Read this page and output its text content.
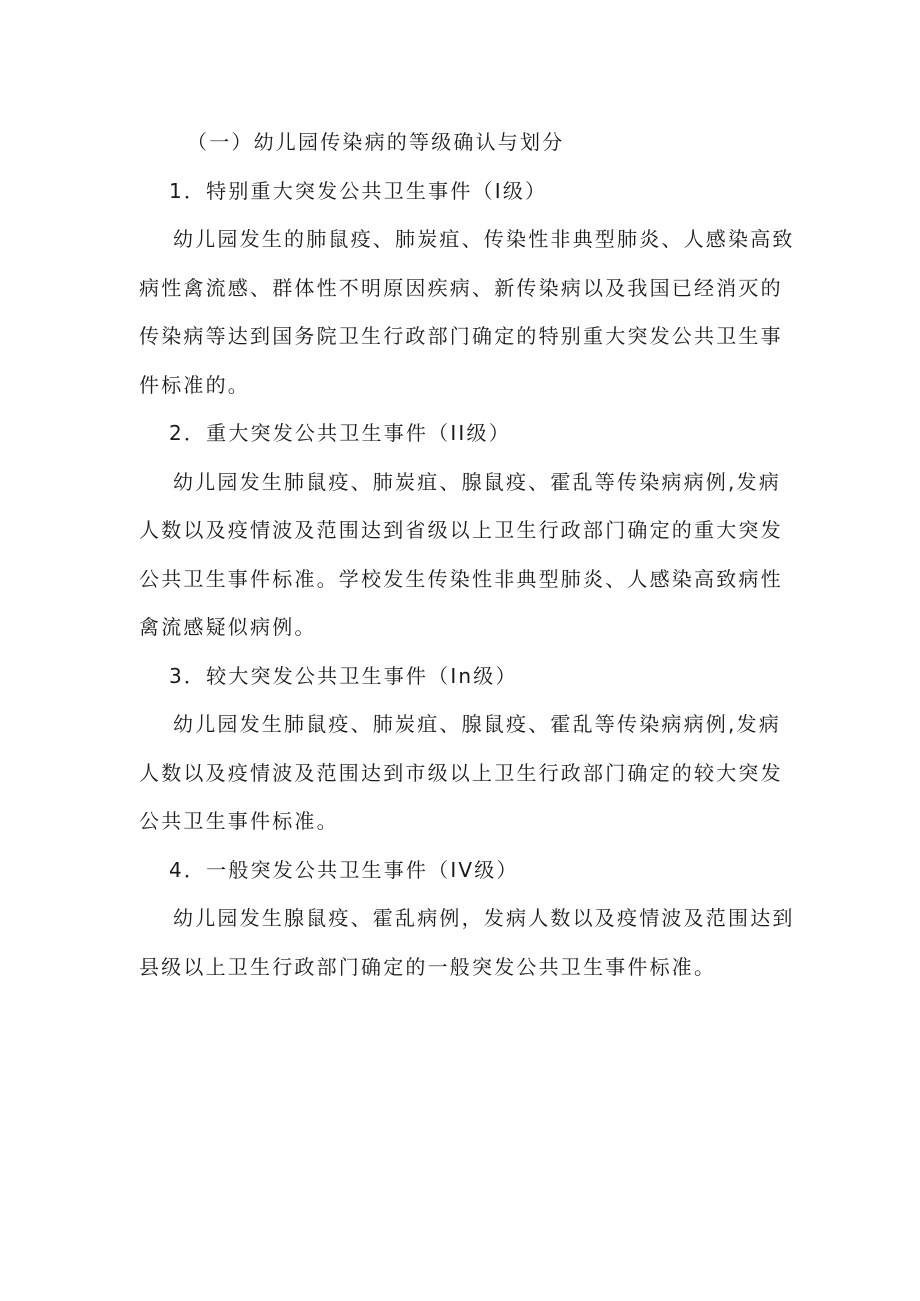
（一）幼儿园传染病的等级确认与划分
1．特别重大突发公共卫生事件（Ⅰ级）
幼儿园发生的肺鼠疫、肺炭疽、传染性非典型肺炎、人感染高致
病性禽流感、群体性不明原因疾病、新传染病以及我国已经消灭的
传染病等达到国务院卫生行政部门确定的特别重大突发公共卫生事
件标准的。
2．重大突发公共卫生事件（II级）
幼儿园发生肺鼠疫、肺炭疽、腺鼠疫、霍乱等传染病病例,发病
人数以及疫情波及范围达到省级以上卫生行政部门确定的重大突发
公共卫生事件标准。学校发生传染性非典型肺炎、人感染高致病性
禽流感疑似病例。
3．较大突发公共卫生事件（In级）
幼儿园发生肺鼠疫、肺炭疽、腺鼠疫、霍乱等传染病病例,发病
人数以及疫情波及范围达到市级以上卫生行政部门确定的较大突发
公共卫生事件标准。
4．一般突发公共卫生事件（IV级）
幼儿园发生腺鼠疫、霍乱病例，发病人数以及疫情波及范围达到
县级以上卫生行政部门确定的一般突发公共卫生事件标准。
